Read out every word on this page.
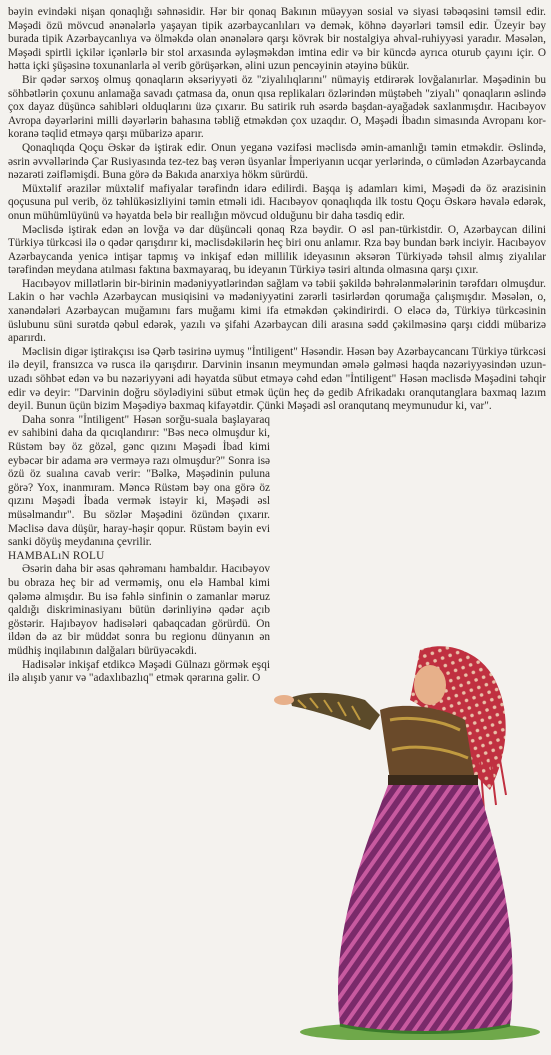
bəyin evindəki nişan qonaqlığı səhnəsidir. Hər bir qonaq Bakının müəyyən sosial və siyasi təbəqəsini təmsil edir. Məşədi özü mövcud ənənələrlə yaşayan tipik azərbaycanlıları və demək, köhnə dəyərləri təmsil edir. Üzeyir bəy burada tipik Azərbaycanlıya və ölməkdə olan ənənələrə qarşı kövrək bir nostalgiya əhval-ruhiyyəsi yaradır. Məsələn, Məşədi spirtli içkilər içənlərlə bir stol arxasında əyləşməkdən imtina edir və bir küncdə ayrıca oturub çayını içir. O hətta içki şüşəsinə toxunanlarla əl verib görüşərkən, əlini uzun pencəyinin ətəyinə bükür.

Bir qədər sərxoş olmuş qonaqların əksəriyyəti öz "ziyalılıqlarını" nümayiş etdirərək lovğalanırlar. Məşədinin bu söhbətlərin çoxunu anlamağa savadı çatmasa da, onun qısa replikaları özlərindən müştəbeh "ziyalı" qonaqların əslində çox dayaz düşüncə sahibləri olduqlarını üzə çıxarır. Bu satirik ruh əsərdə başdan-ayağadək saxlanmışdır. Hacıbəyov Avropa dəyərlərini milli dəyərlərin bahasına təbliğ etməkdən çox uzaqdır. O, Məşədi İbadın simasında Avropanı kor-koranə təqlid etməyə qarşı mübarizə aparır.

Qonaqlıqda Qoçu Əskər də iştirak edir. Onun yeganə vəzifəsi məclisdə əmin-amanlığı təmin etməkdir. Əslində, əsrin əvvəllərində Çar Rusiyasında tez-tez baş verən üsyanlar İmperiyanın ucqar yerlərində, o cümlədən Azərbaycanda nəzarəti zəifləmişdi. Buna görə də Bakıda anarxiya hökm sürürdü.

Müxtəlif ərazilər müxtəlif mafiyalar tərəfindn idarə edilirdi. Başqa iş adamları kimi, Məşədi də öz ərazisinin qoçusuna pul verib, öz təhlükəsizliyini təmin etməli idi. Hacıbəyov qonaqlıqda ilk tostu Qoçu Əskərə həvalə edərək, onun mühümlüyünü və həyatda belə bir reallığın mövcud olduğunu bir daha təsdiq edir.

Məclisdə iştirak edən ən lovğa və dar düşüncəli qonaq Rza bəydir. O əsl pan-türkistdir. O, Azərbaycan dilini Türkiyə türkcəsi ilə o qədər qarışdırır ki, məclisdəkilərin heç biri onu anlamır. Rza bəy bundan bərk inciyir. Hacıbəyov Azərbaycanda yenicə intişar tapmış və inkişaf edən millilik ideyasının əksərən Türkiyədə təhsil almış ziyalılar tərəfindən meydana atılması faktına baxmayaraq, bu ideyanın Türkiyə təsiri altında olmasına qarşı çıxır.

Hacıbəyov millətlərin bir-birinin mədəniyyətlərindən sağlam və təbii şəkildə bəhrələnmələrinin tərəfdarı olmuşdur. Lakin o hər vəchlə Azərbaycan musiqisini və mədəniyyətini zərərli təsirlərdən qorumağa çalışmışdır. Məsələn, o, xanəndələri Azərbaycan muğamını fars muğamı kimi ifa etməkdən çəkindirirdi. O eləcə də, Türkiyə türkcəsinin üslubunu süni surətdə qəbul edərək, yazılı və şifahi Azərbaycan dili arasına sədd çəkilməsinə qarşı ciddi mübarizə aparırdı.

Məclisin digər iştirakçısı isə Qərb təsirinə uymuş "İntiligent" Həsəndir. Həsən bəy Azərbaycancanı Türkiyə türkcəsi ilə deyil, fransızca və rusca ilə qarışdırır. Darvinin insanın meymundan əmələ gəlməsi haqda nəzəriyyəsindən uzun-uzadı söhbət edən və bu nəzəriyyəni adi həyatda sübut etməyə cəhd edən "İntiligent" Həsən məclisdə Məşədini təhqir edir və deyir: "Darvinin doğru söylədiyini sübut etmək üçün heç də gedib Afrikadakı oranqutanglara baxmaq lazım deyil. Bunun üçün bizim Məşədiyə baxmaq kifayətdir. Çünki Məşədi əsl oranqutanq meymunudur ki, var".

Daha sonra "İntiligent" Həsən sorğu-suala başlayaraq ev sahibini daha da qıcıqlandırır: "Bəs necə olmuşdur ki, Rüstəm bəy öz gözəl, gənc qızını Məşədi İbad kimi eybəcər bir adama ərə verməyə razı olmuşdur?" Sonra isə özü öz sualına cavab verir: "Bəlkə, Məşədinin puluna görə? Yox, inanmıram. Məncə Rüstəm bəy ona görə öz qızını Məşədi İbada vermək istəyir ki, Məşədi əsl müsəlmandır". Bu sözlər Məşədini özündən çıxarır. Məclisə dava düşür, haray-həşir qopur. Rüstəm bəyin evi sanki döyüş meydanına çevrilir.

HAMBALıN ROLU

Əsərin daha bir əsas qəhrəmanı hambaldır. Hacıbəyov bu obraza heç bir ad verməmiş, onu elə Hambal kimi qələmə almışdır. Bu isə fəhlə sinfinin o zamanlar məruz qaldığı diskriminasiyanı bütün dərinliyinə qədər açıb göstərir. Hajıbəyov hadisələri qabaqcadan görürdü. On ildən də az bir müddət sonra bu regionu dünyanın ən müdhiş inqilabının dalğaları bürüyəcəkdi.

Hadisələr inkişaf etdikcə Məşədi Gülnazı görmək eşqi ilə alışıb yanır və "adaxlıbazlıq" etmək qərarına gəlir. O
